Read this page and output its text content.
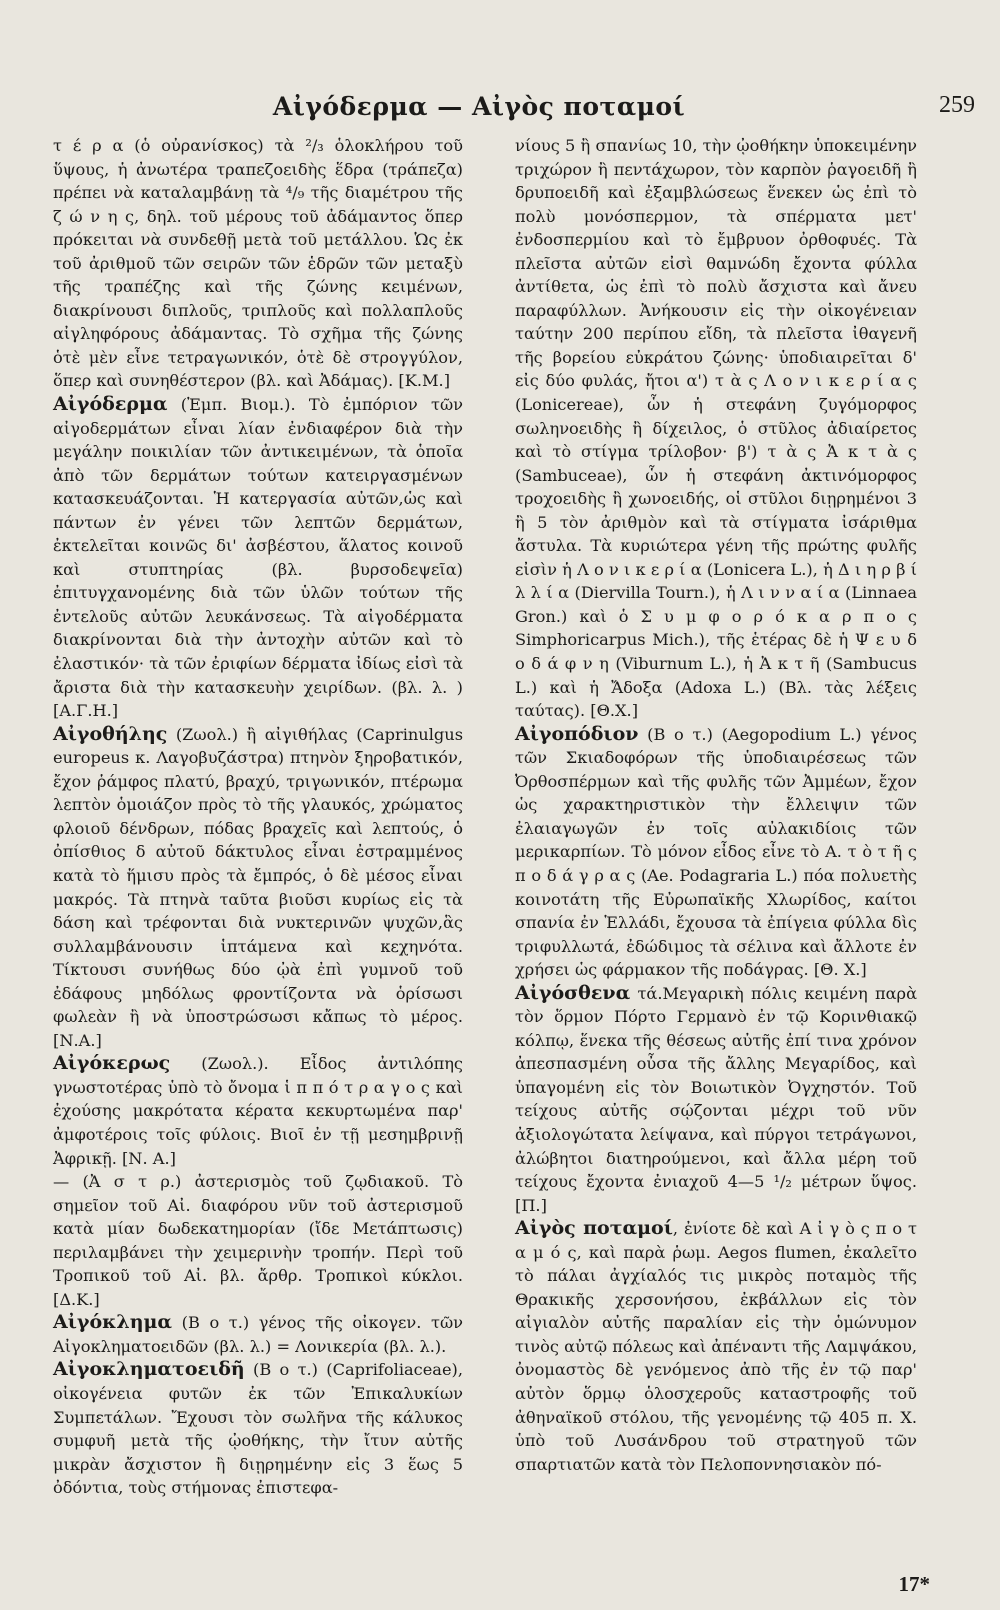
Αἰγόδερμα — Αἰγὸς ποταμοί	259

τ έ ρ α (ὁ οὐρανίσκος) τὰ ²/₃ ὁλοκλήρου τοῦ ὕψους, ἡ ἀνωτέρα τραπεζοειδὴς ἕδρα (τράπεζα) πρέπει νὰ καταλαμβάνῃ τὰ ⁴/₉ τῆς διαμέτρου τῆς ζ ώ ν η ς, δηλ. τοῦ μέρους τοῦ ἀδάμαντος ὅπερ πρόκειται νὰ συνδεθῇ μετὰ τοῦ μετάλλου. Ὡς ἐκ τοῦ ἀριθμοῦ τῶν σειρῶν τῶν ἑδρῶν τῶν μεταξὺ τῆς τραπέζης καὶ τῆς ζώνης κειμένων, διακρίνουσι διπλοῦς, τριπλοῦς καὶ πολλαπλοῦς αἰγληφόρους ἀδάμαντας. Τὸ σχῆμα τῆς ζώνης ὁτὲ μὲν εἶνε τετραγωνικόν, ὁτὲ δὲ στρογγύλον, ὅπερ καὶ συνηθέστερον (βλ. καὶ Ἀδάμας). [Κ.Μ.]

Αἰγόδερμα (Ἐμπ. Βιομ.). Τὸ ἐμπόριον τῶν αἰγοδερμάτων εἶναι λίαν ἐνδιαφέρον διὰ τὴν μεγάλην ποικιλίαν τῶν ἀντικειμένων, τὰ ὁποῖα ἀπὸ τῶν δερμάτων τούτων κατειργασμένων κατασκευάζονται. Ἡ κατεργασία αὐτῶν,ὡς καὶ πάντων ἐν γένει τῶν λεπτῶν δερμάτων, ἐκτελεῖται κοινῶς δι' ἀσβέστου, ἅλατος κοινοῦ καὶ στυπτηρίας (βλ. βυρσοδεψεῖα) ἐπιτυγχανομένης διὰ τῶν ὑλῶν τούτων τῆς ἐντελοῦς αὐτῶν λευκάνσεως. Τὰ αἰγοδέρματα διακρίνονται διὰ τὴν ἀντοχὴν αὐτῶν καὶ τὸ ἐλαστικόν· τὰ τῶν ἐριφίων δέρματα ἰδίως εἰσὶ τὰ ἄριστα διὰ τὴν κατασκευὴν χειρίδων. (βλ. λ. ) [Α.Γ.Η.]

Αἰγοθήλης (Ζωολ.) ἢ αἰγιθήλας (Caprinulgus europeus κ. Λαγοβυζάστρα) πτηνὸν ξηροβατικόν, ἔχον ῥάμφος πλατύ, βραχύ, τριγωνικόν, πτέρωμα λεπτὸν ὁμοιάζον πρὸς τὸ τῆς γλαυκός, χρώματος φλοιοῦ δένδρων, πόδας βραχεῖς καὶ λεπτούς, ὁ ὀπίσθιος δ αὐτοῦ δάκτυλος εἶναι ἐστραμμένος κατὰ τὸ ἥμισυ πρὸς τὰ ἔμπρός, ὁ δὲ μέσος εἶναι μακρός. Τὰ πτηνὰ ταῦτα βιοῦσι κυρίως εἰς τὰ δάση καὶ τρέφονται διὰ νυκτερινῶν ψυχῶν,ἃς συλλαμβάνουσιν ἱπτάμενα καὶ κεχηνότα. Τίκτουσι συνήθως δύο ᾠὰ ἐπὶ γυμνοῦ τοῦ ἐδάφους μηδόλως φροντίζοντα νὰ ὁρίσωσι φωλεὰν ἢ νὰ ὑποστρώσωσι κἄπως τὸ μέρος. [Ν.Α.]

Αἰγόκερως (Ζωολ.). Εἶδος ἀντιλόπης γνωστοτέρας ὑπὸ τὸ ὄνομα ἱ π π ό τ ρ α γ ο ς καὶ ἐχούσης μακρότατα κέρατα κεκυρτωμένα παρ' ἀμφοτέροις τοῖς φύλοις. Βιοῖ ἐν τῇ μεσημβρινῇ Ἀφρικῇ. [Ν. Α.]

— (Ἀ σ τ ρ.) ἀστερισμὸς τοῦ ζῳδιακοῦ. Τὸ σημεῖον τοῦ Αἰ. διαφόρου νῦν τοῦ ἀστερισμοῦ κατὰ μίαν δωδεκατημορίαν (ἴδε Μετάπτωσις) περιλαμβάνει τὴν χειμερινὴν τροπήν. Περὶ τοῦ Τροπικοῦ τοῦ Αἰ. βλ. ἄρθρ. Τροπικοὶ κύκλοι. [Δ.Κ.]

Αἰγόκλημα (Β ο τ.) γένος τῆς οἰκογεν. τῶν Αἰγοκληματοειδῶν (βλ. λ.) = Λονικερία (βλ. λ.).

Αἰγοκληματοειδῆ (Β ο τ.) (Caprifoliaceae), οἰκογένεια φυτῶν ἐκ τῶν Ἐπικαλυκίων Συμπετάλων. Ἔχουσι τὸν σωλῆνα τῆς κάλυκος συμφυῆ μετὰ τῆς ᾠοθήκης, τὴν ἴτυν αὐτῆς μικρὰν ἄσχιστον ἢ διῃρημένην εἰς 3 ἕως 5 ὀδόντια, τοὺς στήμονας ἐπιστεφα-

νίους 5 ἢ σπανίως 10, τὴν ᾠοθήκην ὑποκειμένην τριχώρον ἢ πεντάχωρον, τὸν καρπὸν ῥαγοειδῆ ἢ δρυποειδῆ καὶ ἐξαμβλώσεως ἕνεκεν ὡς ἐπὶ τὸ πολὺ μονόσπερμον, τὰ σπέρματα μετ' ἐνδοσπερμίου καὶ τὸ ἔμβρυον ὀρθοφυές. Τὰ πλεῖστα αὐτῶν εἰσὶ θαμνώδη ἔχοντα φύλλα ἀντίθετα, ὡς ἐπὶ τὸ πολὺ ἄσχιστα καὶ ἄνευ παραφύλλων. Ἀνήκουσιν εἰς τὴν οἰκογένειαν ταύτην 200 περίπου εἴδη, τὰ πλεῖστα ἰθαγενῆ τῆς βορείου εὐκράτου ζώνης· ὑποδιαιρεῖται δ' εἰς δύο φυλάς, ἤτοι α') τ ὰ ς Λ ο ν ι κ ε ρ ί α ς (Lonicereae), ὧν ἡ στεφάνη ζυγόμορφος σωληνοειδὴς ἢ δίχειλος, ὁ στῦλος ἀδιαίρετος καὶ τὸ στίγμα τρίλοβον· β') τ ὰ ς Ἀ κ τ ὰ ς (Sambuceae), ὧν ἡ στεφάνη ἀκτινόμορφος τροχοειδὴς ἢ χωνοειδής, οἱ στῦλοι διῃρημένοι 3 ἢ 5 τὸν ἀριθμὸν καὶ τὰ στίγματα ἰσάριθμα ἄστυλα. Τὰ κυριώτερα γένη τῆς πρώτης φυλῆς εἰσὶν ἡ Λ ο ν ι κ ε ρ ί α (Lonicera L.), ἡ Δ ι η ρ β ί λ λ ί α (Diervilla Tourn.), ἡ Λ ι ν ν α ί α (Linnaea Gron.) καὶ ὁ Σ υ μ φ ο ρ ό κ α ρ π ο ς Simphoricarpus Mich.), τῆς ἑτέρας δὲ ἡ Ψ ε υ δ ο δ ά φ ν η (Viburnum L.), ἡ Ἀ κ τ ῆ (Sambucus L.) καὶ ἡ Ἄδοξα (Adoxa L.) (Βλ. τὰς λέξεις ταύτας). [Θ.Χ.]

Αἰγοπόδιον (Β ο τ.) (Aegopodium L.) γένος τῶν Σκιαδοφόρων τῆς ὑποδιαιρέσεως τῶν Ὀρθοσπέρμων καὶ τῆς φυλῆς τῶν Ἀμμέων, ἔχον ὡς χαρακτηριστικὸν τὴν ἔλλειψιν τῶν ἐλαιαγωγῶν ἐν τοῖς αὐλακιδίοις τῶν μερικαρπίων. Τὸ μόνον εἶδος εἶνε τὸ Α. τ ὸ τ ῆ ς π ο δ ά γ ρ α ς (Ae. Podagraria L.) πόα πολυετὴς κοινοτάτη τῆς Εὐρωπαϊκῆς Χλωρίδος, καίτοι σπανία ἐν Ἑλλάδι, ἔχουσα τὰ ἐπίγεια φύλλα δὶς τριφυλλωτά, ἐδώδιμος τὰ σέλινα καὶ ἄλλοτε ἐν χρήσει ὡς φάρμακον τῆς ποδάγρας. [Θ. Χ.]

Αἰγόσθενα τά.Μεγαρικὴ πόλις κειμένη παρὰ τὸν ὅρμον Πόρτο Γερμανὸ ἐν τῷ Κορινθιακῷ κόλπῳ, ἕνεκα τῆς θέσεως αὐτῆς ἐπί τινα χρόνον ἀπεσπασμένη οὖσα τῆς ἄλλης Μεγαρίδος, καὶ ὑπαγομένη εἰς τὸν Βοιωτικὸν Ὀγχηστόν. Τοῦ τείχους αὐτῆς σῴζονται μέχρι τοῦ νῦν ἀξιολογώτατα λείψανα, καὶ πύργοι τετράγωνοι, ἀλώβητοι διατηρούμενοι, καὶ ἄλλα μέρη τοῦ τείχους ἔχοντα ἐνιαχοῦ 4—5 ¹/₂ μέτρων ὕψος. [Π.]

Αἰγὸς ποταμοί, ἐνίοτε δὲ καὶ Α ἰ γ ὸ ς π ο τ α μ ό ς, καὶ παρὰ ῥωμ. Aegos flumen, ἐκαλεῖτο τὸ πάλαι ἀγχίαλός τις μικρὸς ποταμὸς τῆς Θρακικῆς χερσονήσου, ἐκβάλλων εἰς τὸν αἰγιαλὸν αὐτῆς παραλίαν εἰς τὴν ὁμώνυμον τινὸς αὐτῷ πόλεως καὶ ἀπέναντι τῆς Λαμψάκου, ὀνομαστὸς δὲ γενόμενος ἀπὸ τῆς ἐν τῷ παρ' αὐτὸν ὅρμῳ ὁλοσχεροῦς καταστροφῆς τοῦ ἀθηναϊκοῦ στόλου, τῆς γενομένης τῷ 405 π. Χ. ὑπὸ τοῦ Λυσάνδρου τοῦ στρατηγοῦ τῶν σπαρτιατῶν κατὰ τὸν Πελοποννησιακὸν πό-

17*
